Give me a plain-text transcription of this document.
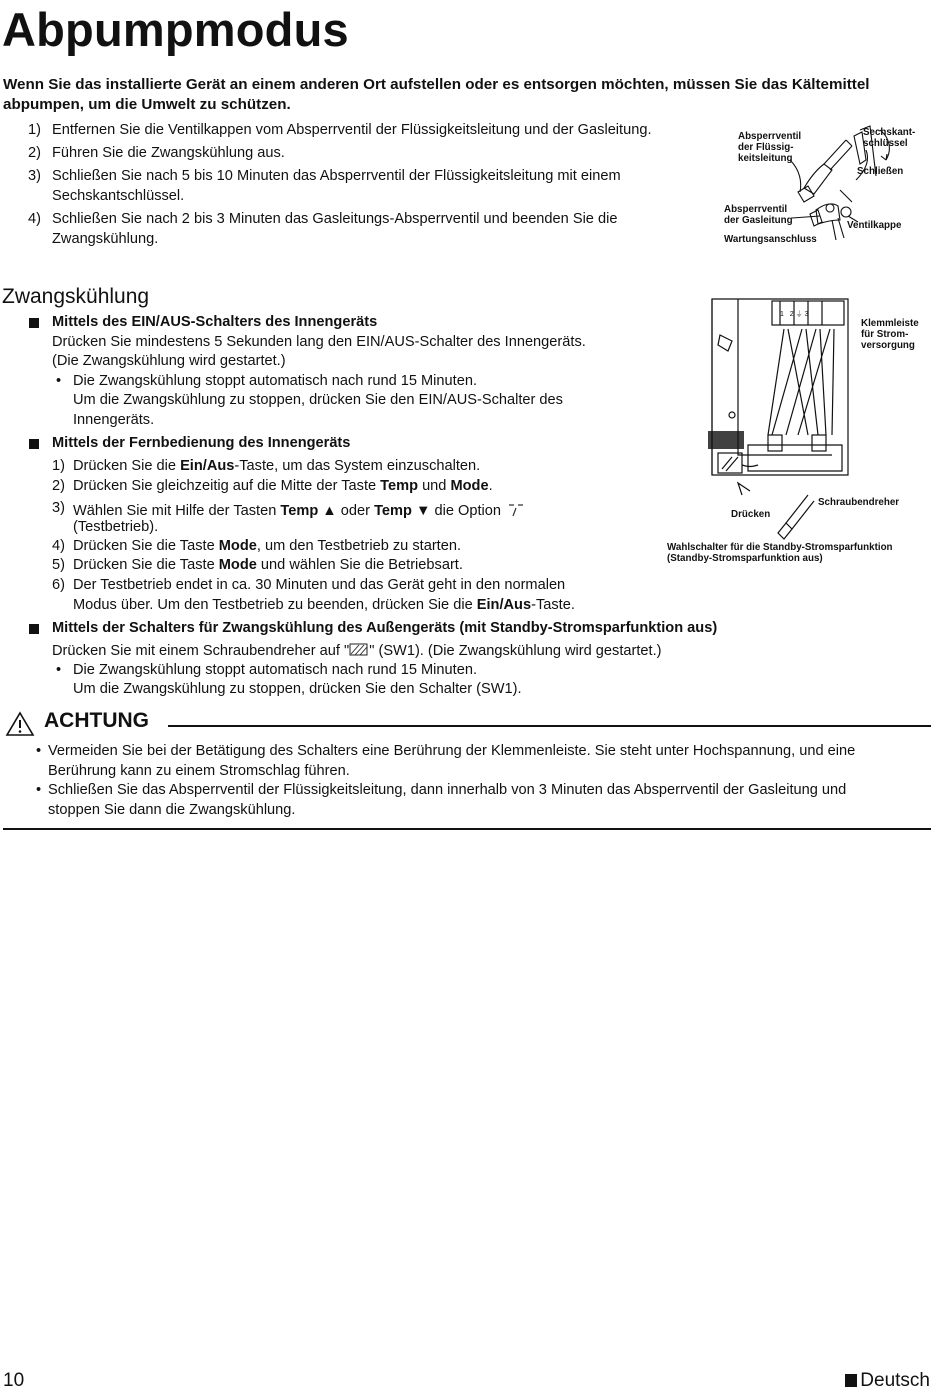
Abpumpmodus

Wenn Sie das installierte Gerät an einem anderen Ort aufstellen oder es entsorgen möchten, müssen Sie das Kältemittel abpumpen, um die Umwelt zu schützen.

1) Entfernen Sie die Ventilkappen vom Absperrventil der Flüssigkeitsleitung und der Gasleitung.
2) Führen Sie die Zwangskühlung aus.
3) Schließen Sie nach 5 bis 10 Minuten das Absperrventil der Flüssigkeitsleitung mit einem Sechskantschlüssel.
4) Schließen Sie nach 2 bis 3 Minuten das Gasleitungs-Absperrventil und beenden Sie die Zwangskühlung.
Absperrventil
der Flüssig-
keitsleitung
Sechskant-
schlüssel
Schließen
Absperrventil
der Gasleitung	Ventilkappe
Wartungsanschluss
Zwangskühlung
Mittels des EIN/AUS-Schalters des Innengeräts
Drücken Sie mindestens 5 Sekunden lang den EIN/AUS-Schalter des Innengeräts.
(Die Zwangskühlung wird gestartet.)
• Die Zwangskühlung stoppt automatisch nach rund 15 Minuten.
Um die Zwangskühlung zu stoppen, drücken Sie den EIN/AUS-Schalter des
Innengeräts.
Mittels der Fernbedienung des Innengeräts
1) Drücken Sie die Ein/Aus-Taste, um das System einzuschalten.
2) Drücken Sie gleichzeitig auf die Mitte der Taste Temp und Mode.
3) Wählen Sie mit Hilfe der Tasten Temp ▲ oder Temp ▼ die Option
(Testbetrieb).
4) Drücken Sie die Taste Mode, um den Testbetrieb zu starten.
5) Drücken Sie die Taste Mode und wählen Sie die Betriebsart.
6) Der Testbetrieb endet in ca. 30 Minuten und das Gerät geht in den normalen
Modus über. Um den Testbetrieb zu beenden, drücken Sie die Ein/Aus-Taste.
Mittels der Schalters für Zwangskühlung des Außengeräts (mit Standby-Stromsparfunktion aus)
Drücken Sie mit einem Schraubendreher auf " " (SW1). (Die Zwangskühlung wird gestartet.)
• Die Zwangskühlung stoppt automatisch nach rund 15 Minuten.
Um die Zwangskühlung zu stoppen, drücken Sie den Schalter (SW1).
1 2 ⏚ 3
Klemmleiste
für Strom-
versorgung
Schraubendreher
Drücken
Wahlschalter für die Standby-Stromsparfunktion
(Standby-Stromsparfunktion aus)
ACHTUNG
• Vermeiden Sie bei der Betätigung des Schalters eine Berührung der Klemmenleiste. Sie steht unter Hochspannung, und eine
Berührung kann zu einem Stromschlag führen.
• Schließen Sie das Absperrventil der Flüssigkeitsleitung, dann innerhalb von 3 Minuten das Absperrventil der Gasleitung und
stoppen Sie dann die Zwangskühlung.
10	Deutsch
